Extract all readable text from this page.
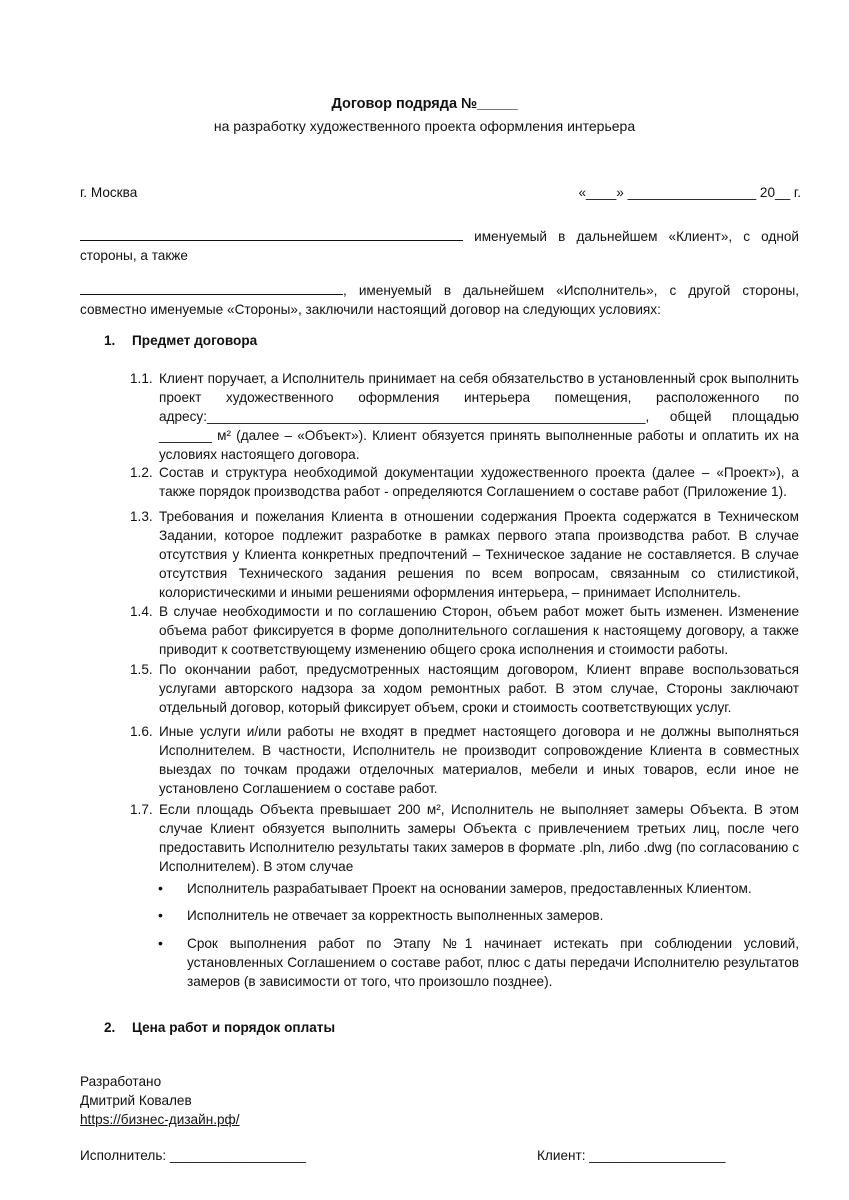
Договор подряда №_____
на разработку художественного проекта оформления интерьера
г. Москва	«____» _________________ 20__ г.

именуемый в дальнейшем «Клиент», с одной стороны, а также

, именуемый в дальнейшем «Исполнитель», с другой стороны, совместно именуемые «Стороны», заключили настоящий договор на следующих условиях:

1. Предмет договора
1.1. Клиент поручает, а Исполнитель принимает на себя обязательство в установленный срок выполнить проект художественного оформления интерьера помещения, расположенного по адресу:__________________________________________________________, общей площадью _______ м² (далее – «Объект»). Клиент обязуется принять выполненные работы и оплатить их на условиях настоящего договора.
1.2. Состав и структура необходимой документации художественного проекта (далее – «Проект»), а также порядок производства работ - определяются Соглашением о составе работ (Приложение 1).
1.3. Требования и пожелания Клиента в отношении содержания Проекта содержатся в Техническом Задании, которое подлежит разработке в рамках первого этапа производства работ. В случае отсутствия у Клиента конкретных предпочтений – Техническое задание не составляется. В случае отсутствия Технического задания решения по всем вопросам, связанным со стилистикой, колористическими и иными решениями оформления интерьера, – принимает Исполнитель.
1.4. В случае необходимости и по соглашению Сторон, объем работ может быть изменен. Изменение объема работ фиксируется в форме дополнительного соглашения к настоящему договору, а также приводит к соответствующему изменению общего срока исполнения и стоимости работы.
1.5. По окончании работ, предусмотренных настоящим договором, Клиент вправе воспользоваться услугами авторского надзора за ходом ремонтных работ. В этом случае, Стороны заключают отдельный договор, который фиксирует объем, сроки и стоимость соответствующих услуг.
1.6. Иные услуги и/или работы не входят в предмет настоящего договора и не должны выполняться Исполнителем. В частности, Исполнитель не производит сопровождение Клиента в совместных выездах по точкам продажи отделочных материалов, мебели и иных товаров, если иное не установлено Соглашением о составе работ.
1.7. Если площадь Объекта превышает 200 м², Исполнитель не выполняет замеры Объекта. В этом случае Клиент обязуется выполнить замеры Объекта с привлечением третьих лиц, после чего предоставить Исполнителю результаты таких замеров в формате .pln, либо .dwg (по согласованию с Исполнителем). В этом случае
• Исполнитель разрабатывает Проект на основании замеров, предоставленных Клиентом.
• Исполнитель не отвечает за корректность выполненных замеров.
• Срок выполнения работ по Этапу №1 начинает истекать при соблюдении условий, установленных Соглашением о составе работ, плюс с даты передачи Исполнителю результатов замеров (в зависимости от того, что произошло позднее).
2. Цена работ и порядок оплаты
Разработано
Дмитрий Ковалев
https://бизнес-дизайн.рф/
Исполнитель: __________________	Клиент: __________________
